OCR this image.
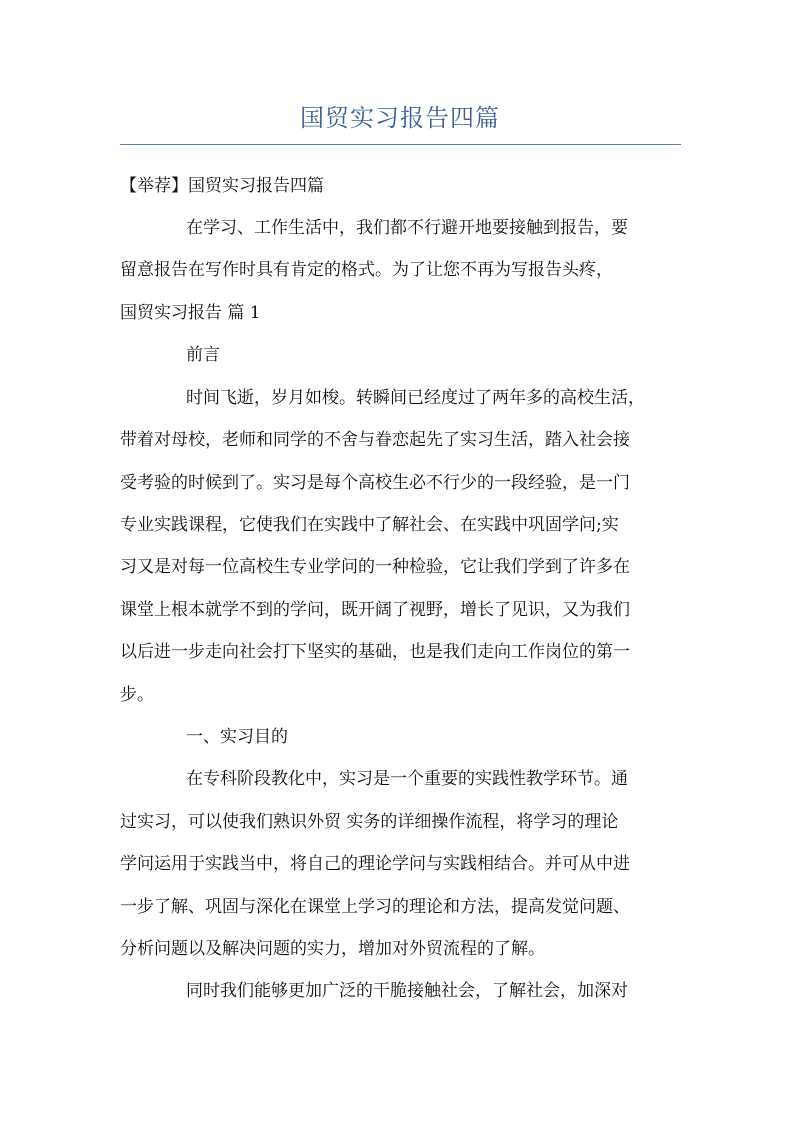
国贸实习报告四篇
【举荐】国贸实习报告四篇
在学习、工作生活中，我们都不行避开地要接触到报告，要
留意报告在写作时具有肯定的格式。为了让您不再为写报告头疼，
国贸实习报告 篇 1
前言
时间飞逝，岁月如梭。转瞬间已经度过了两年多的高校生活，
带着对母校，老师和同学的不舍与眷恋起先了实习生活，踏入社会接
受考验的时候到了。实习是每个高校生必不行少的一段经验，是一门
专业实践课程，它使我们在实践中了解社会、在实践中巩固学问;实
习又是对每一位高校生专业学问的一种检验，它让我们学到了许多在
课堂上根本就学不到的学问，既开阔了视野，增长了见识，又为我们
以后进一步走向社会打下坚实的基础，也是我们走向工作岗位的第一
步。
一、实习目的
在专科阶段教化中，实习是一个重要的实践性教学环节。通
过实习，可以使我们熟识外贸 实务的详细操作流程，将学习的理论
学问运用于实践当中，将自己的理论学问与实践相结合。并可从中进
一步了解、巩固与深化在课堂上学习的理论和方法，提高发觉问题、
分析问题以及解决问题的实力，增加对外贸流程的了解。
同时我们能够更加广泛的干脆接触社会，了解社会，加深对
